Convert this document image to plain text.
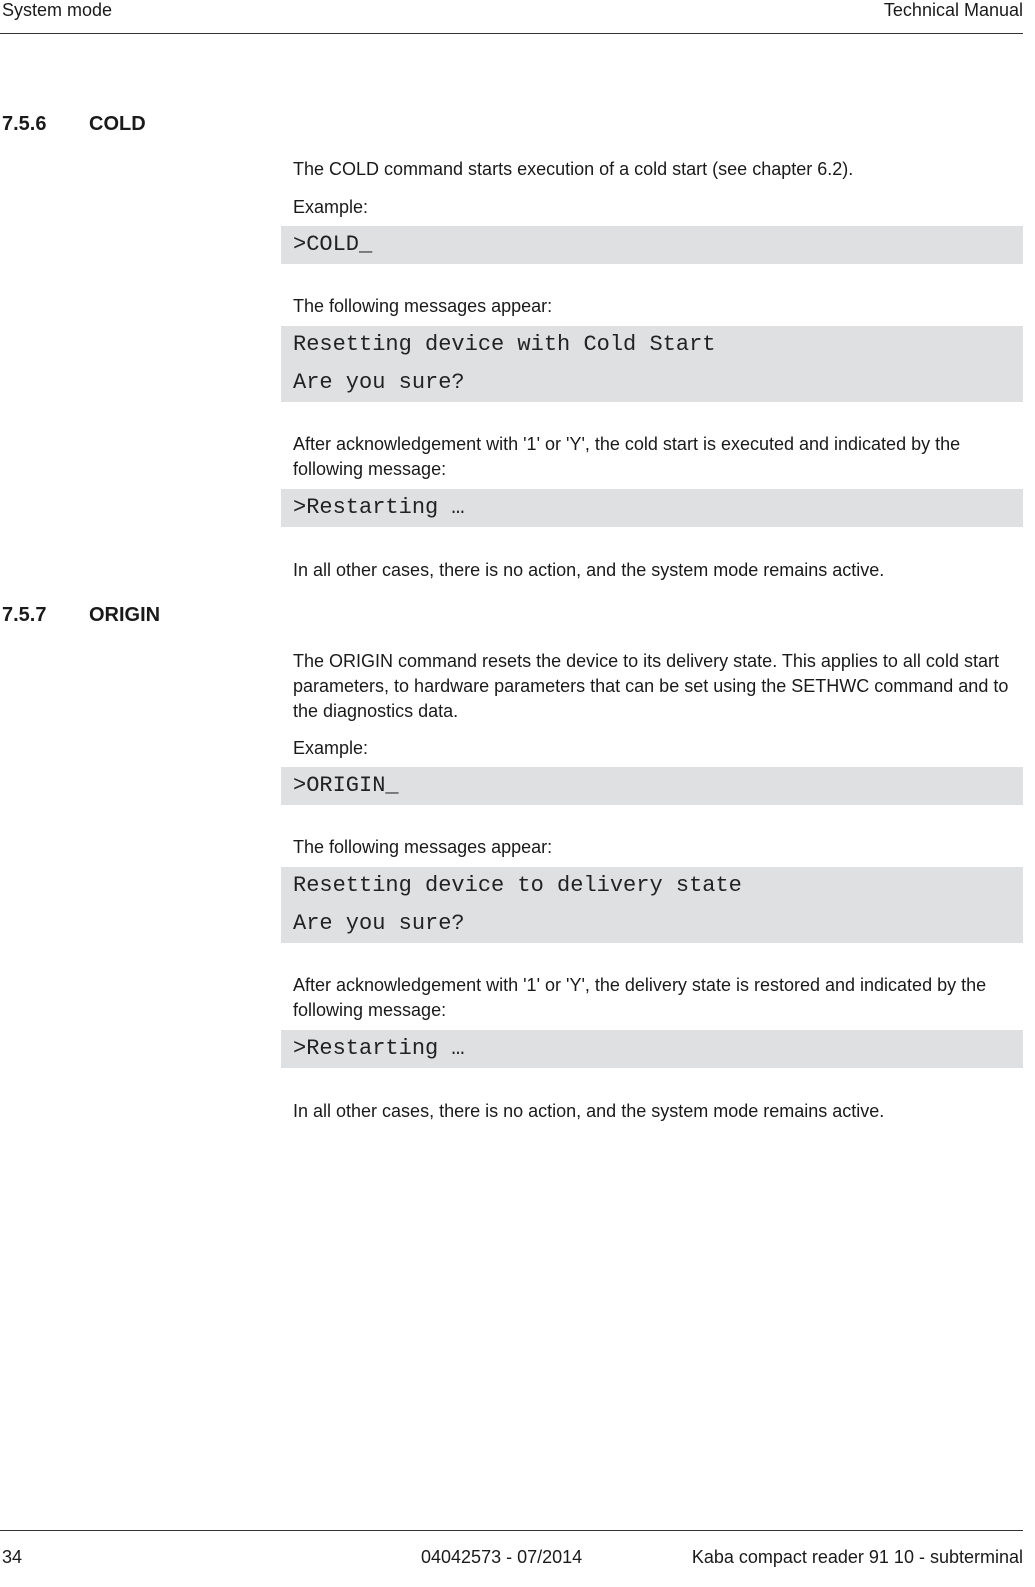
System mode	Technical Manual
7.5.6 COLD
The COLD command starts execution of a cold start (see chapter 6.2).
Example:
>COLD_
The following messages appear:
Resetting device with Cold Start
Are you sure?
After acknowledgement with '1' or 'Y', the cold start is executed and indicated by the following message:
>Restarting …
In all other cases, there is no action, and the system mode remains active.
7.5.7 ORIGIN
The ORIGIN command resets the device to its delivery state. This applies to all cold start parameters, to hardware parameters that can be set using the SETHWC command and to the diagnostics data.
Example:
>ORIGIN_
The following messages appear:
Resetting device to delivery state
Are you sure?
After acknowledgement with '1' or 'Y', the delivery state is restored and indicated by the following message:
>Restarting …
In all other cases, there is no action, and the system mode remains active.
34	04042573 - 07/2014	Kaba compact reader 91 10 - subterminal
